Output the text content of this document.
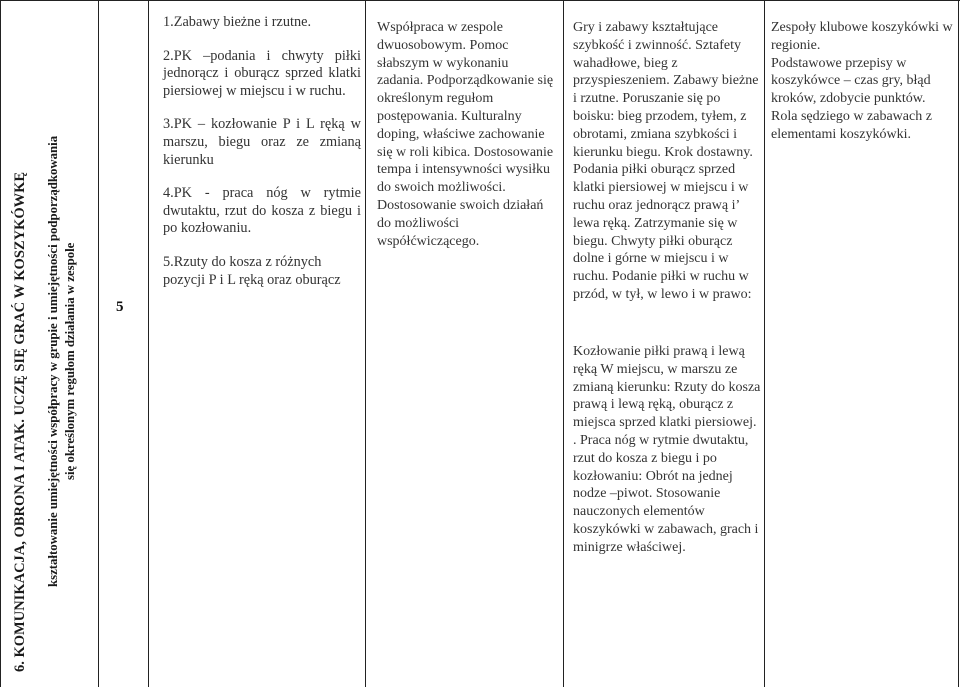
6. KOMUNIKACJA, OBRONA I ATAK. UCZĘ SIĘ GRAĆ W KOSZYKÓWKĘ kształtowanie umiejętności współpracy w grupie i umiejętności podporządkowania się określonym regułom działania w zespole	5

1.Zabawy bieżne i rzutne.

2.PK –podania i chwyty piłki jednorącz i oburącz sprzed klatki piersiowej w miejscu i w ruchu.

3.PK – kozłowanie P i L ręką w marszu, biegu oraz ze zmianą kierunku

4.PK - praca nóg w rytmie dwutaktu, rzut do kosza z biegu i po kozłowaniu.

5.Rzuty do kosza z różnych pozycji P i L ręką oraz oburącz

Współpraca w zespole dwuosobowym. Pomoc słabszym w wykonaniu zadania. Podporządkowanie się określonym regułom postępowania. Kulturalny doping, właściwe zachowanie się w roli kibica. Dostosowanie tempa i intensywności wysiłku do swoich możliwości. Dostosowanie swoich działań do możliwości współćwiczącego.
Gry i zabawy kształtujące szybkość i zwinność. Sztafety wahadłowe, bieg z przyspieszeniem. Zabawy bieżne i rzutne. Poruszanie się po boisku: bieg przodem, tyłem, z obrotami, zmiana szybkości i kierunku biegu. Krok dostawny. Podania piłki oburącz sprzed klatki piersiowej w miejscu i w ruchu oraz jednorącz prawą i’ lewa ręką. Zatrzymanie się w biegu. Chwyty piłki oburącz dolne i górne w miejscu i w ruchu. Podanie piłki w ruchu w przód, w tył, w lewo i w prawo:
Kozłowanie piłki prawą i lewą ręką W miejscu, w marszu ze zmianą kierunku: Rzuty do kosza prawą i lewą ręką, oburącz z miejsca sprzed klatki piersiowej. . Praca nóg w rytmie dwutaktu, rzut do kosza z biegu i po kozłowaniu: Obrót na jednej nodze –piwot. Stosowanie nauczonych elementów koszykówki w zabawach, grach i minigrze właściwej.

Zespoły klubowe koszykówki w regionie.

Podstawowe przepisy w koszykówce – czas gry, błąd kroków, zdobycie punktów.

Rola sędziego w zabawach z elementami koszykówki.
